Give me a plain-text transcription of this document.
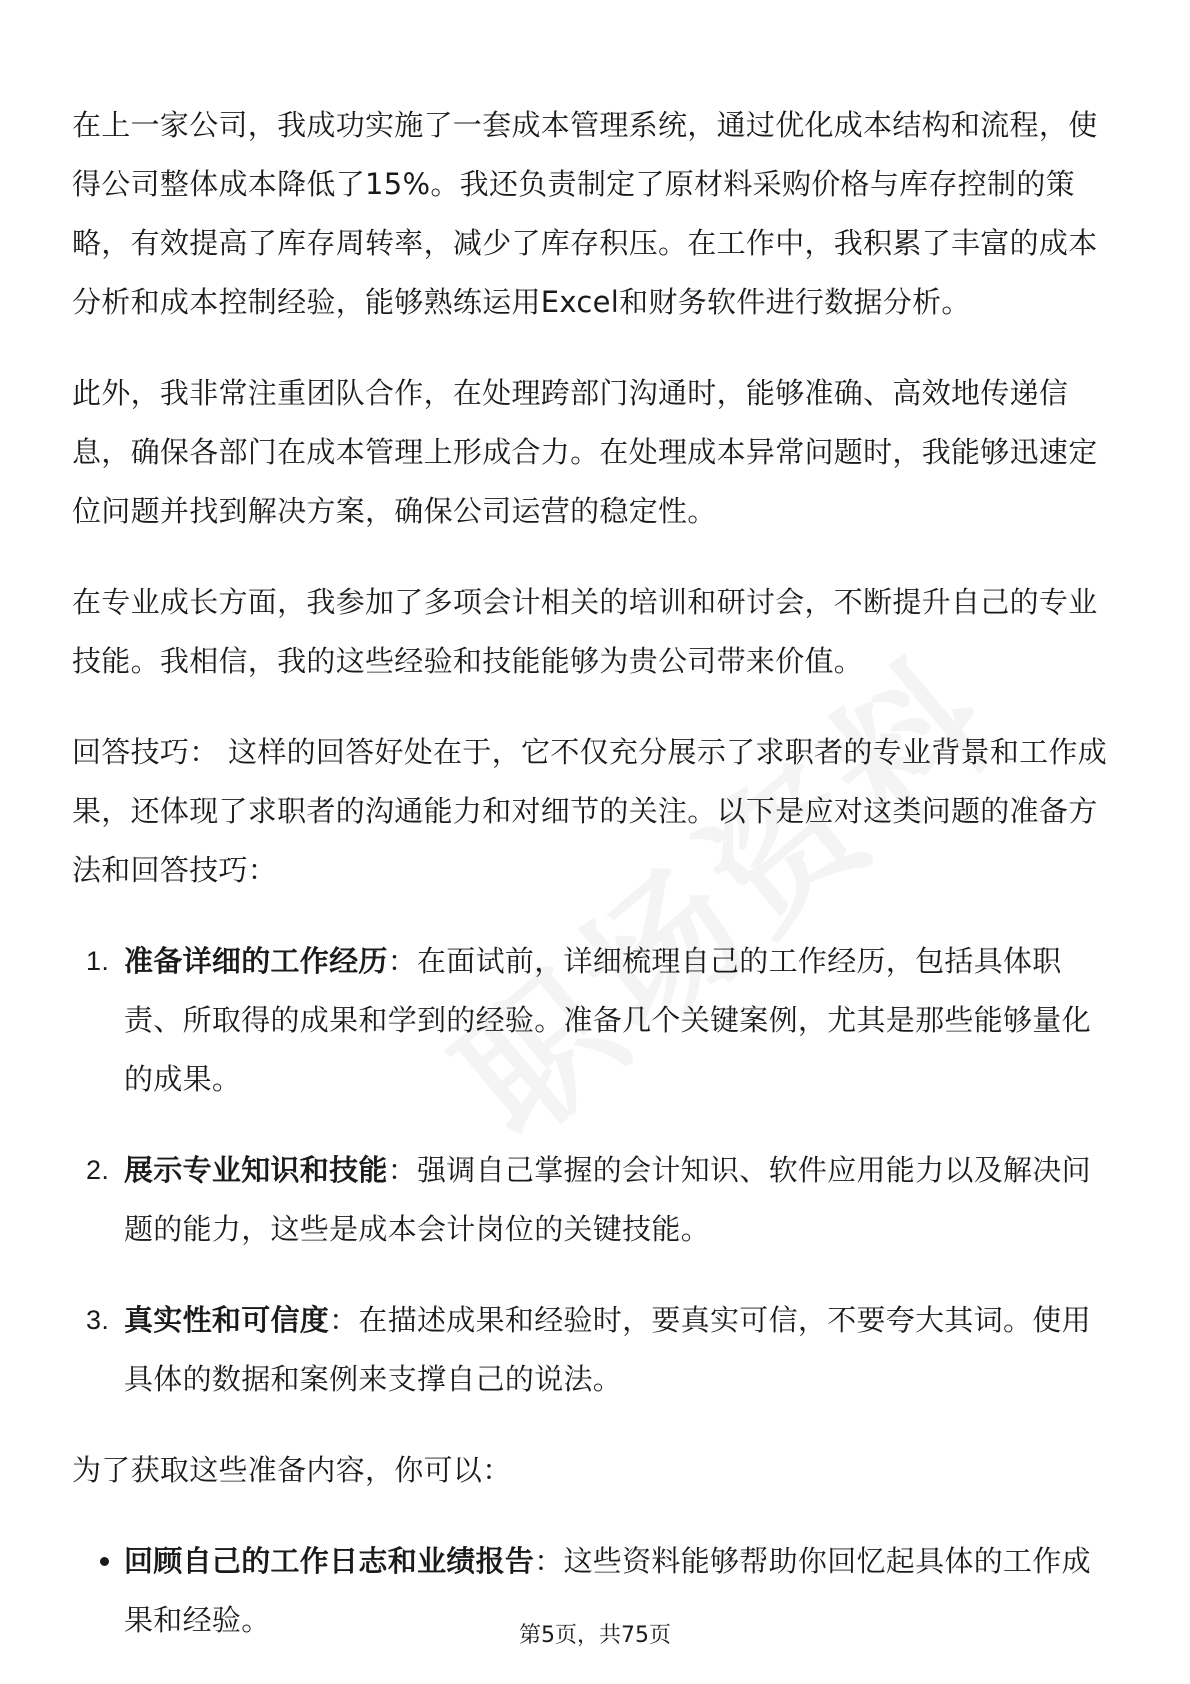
在上一家公司，我成功实施了一套成本管理系统，通过优化成本结构和流程，使得公司整体成本降低了15%。我还负责制定了原材料采购价格与库存控制的策略，有效提高了库存周转率，减少了库存积压。在工作中，我积累了丰富的成本分析和成本控制经验，能够熟练运用Excel和财务软件进行数据分析。

此外，我非常注重团队合作，在处理跨部门沟通时，能够准确、高效地传递信息，确保各部门在成本管理上形成合力。在处理成本异常问题时，我能够迅速定位问题并找到解决方案，确保公司运营的稳定性。

在专业成长方面，我参加了多项会计相关的培训和研讨会，不断提升自己的专业技能。我相信，我的这些经验和技能能够为贵公司带来价值。

回答技巧： 这样的回答好处在于，它不仅充分展示了求职者的专业背景和工作成果，还体现了求职者的沟通能力和对细节的关注。以下是应对这类问题的准备方法和回答技巧：

1. 准备详细的工作经历：在面试前，详细梳理自己的工作经历，包括具体职责、所取得的成果和学到的经验。准备几个关键案例，尤其是那些能够量化的成果。
2. 展示专业知识和技能：强调自己掌握的会计知识、软件应用能力以及解决问题的能力，这些是成本会计岗位的关键技能。
3. 真实性和可信度：在描述成果和经验时，要真实可信，不要夸大其词。使用具体的数据和案例来支撑自己的说法。

为了获取这些准备内容，你可以：

回顾自己的工作日志和业绩报告：这些资料能够帮助你回忆起具体的工作成果和经验。	第5页，共75页
